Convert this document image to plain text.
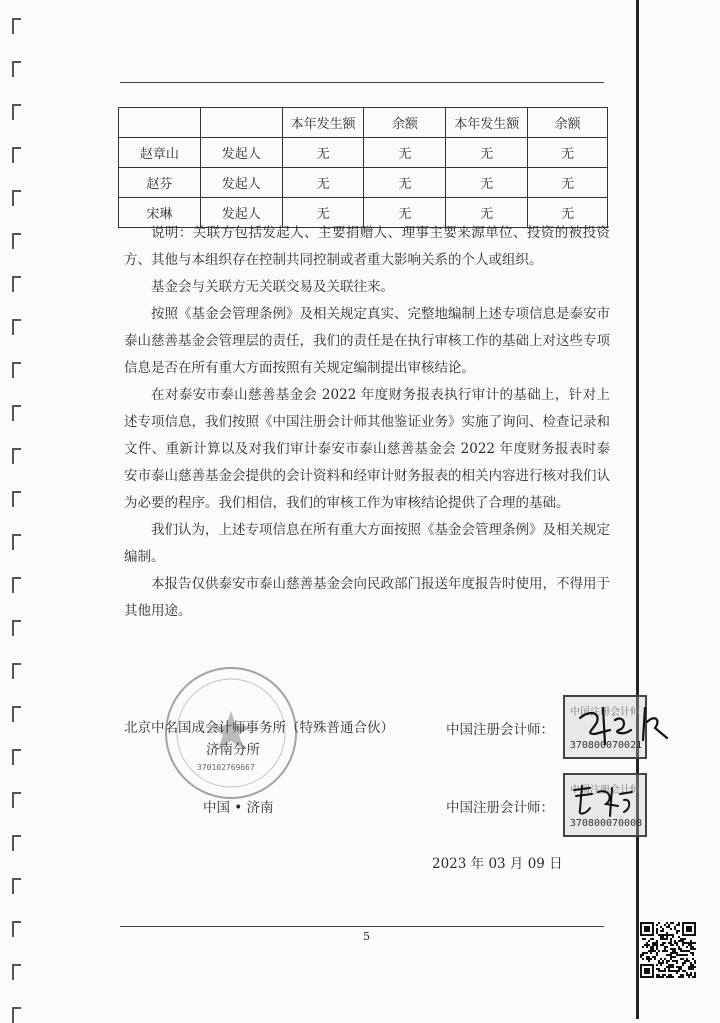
		本年发生额	余额	本年发生额	余额
赵章山	发起人	无	无	无	无
赵芬	发起人	无	无	无	无
宋琳	发起人	无	无	无	无

说明：关联方包括发起人、主要捐赠人、理事主要来源单位、投资的被投资方、其他与本组织存在控制共同控制或者重大影响关系的个人或组织。

基金会与关联方无关联交易及关联往来。

按照《基金会管理条例》及相关规定真实、完整地编制上述专项信息是泰安市泰山慈善基金会管理层的责任，我们的责任是在执行审核工作的基础上对这些专项信息是否在所有重大方面按照有关规定编制提出审核结论。

在对泰安市泰山慈善基金会 2022 年度财务报表执行审计的基础上，针对上述专项信息，我们按照《中国注册会计师其他鉴证业务》实施了询问、检查记录和文件、重新计算以及对我们审计泰安市泰山慈善基金会 2022 年度财务报表时泰安市泰山慈善基金会提供的会计资料和经审计财务报表的相关内容进行核对我们认为必要的程序。我们相信，我们的审核工作为审核结论提供了合理的基础。

我们认为，上述专项信息在所有重大方面按照《基金会管理条例》及相关规定编制。

本报告仅供泰安市泰山慈善基金会向民政部门报送年度报告时使用，不得用于其他用途。

370102769667
北京中名国成会计师事务所（特殊普通合伙）
济南分所
中国 • 济南
中国注册会计师：
中国注册会计师：
中国注册会计师
370800070021
中国注册会计师
370800070008
2023 年 03 月 09 日
5
